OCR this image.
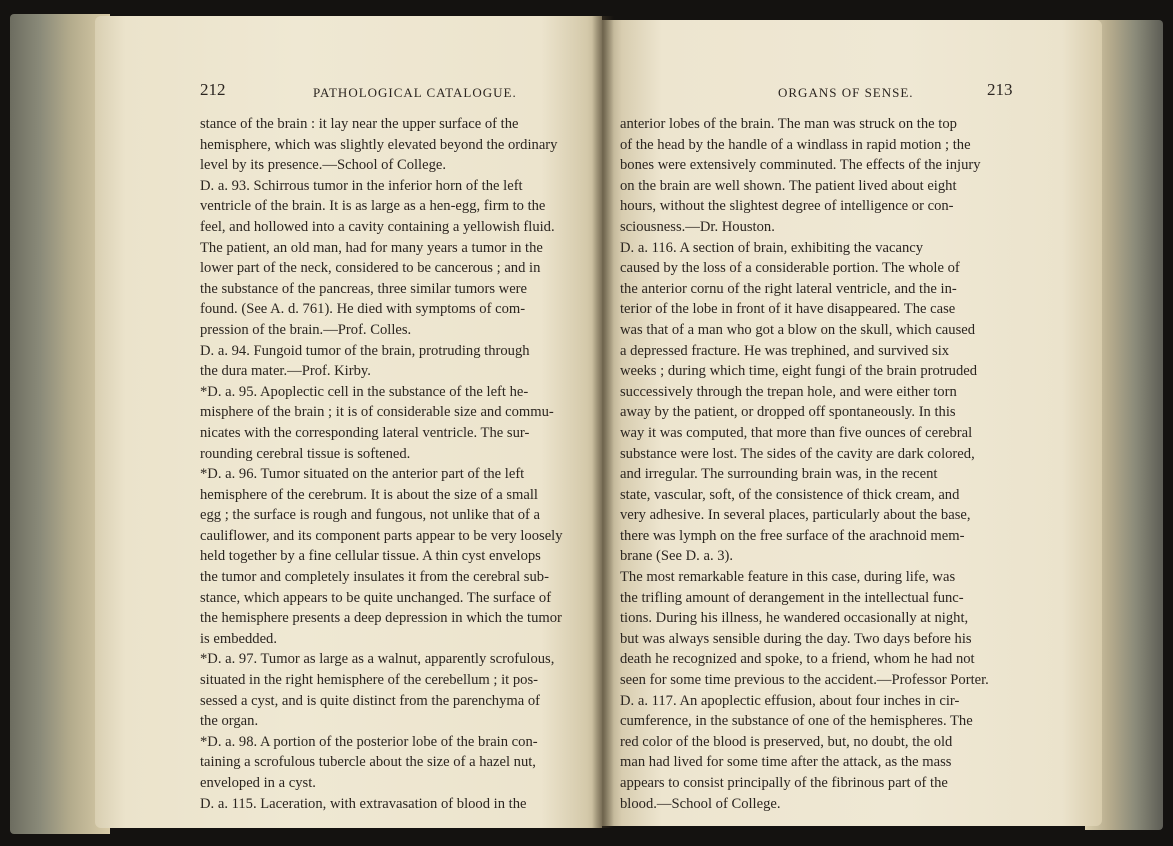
212	PATHOLOGICAL CATALOGUE.	ORGANS OF SENSE.	213
stance of the brain : it lay near the upper surface of the
hemisphere, which was slightly elevated beyond the ordinary
level by its presence.—School of College.
D. a. 93. Schirrous tumor in the inferior horn of the left
ventricle of the brain. It is as large as a hen-egg, firm to the
feel, and hollowed into a cavity containing a yellowish fluid.
The patient, an old man, had for many years a tumor in the
lower part of the neck, considered to be cancerous ; and in
the substance of the pancreas, three similar tumors were
found. (See A. d. 761). He died with symptoms of com-
pression of the brain.—Prof. Colles.
D. a. 94. Fungoid tumor of the brain, protruding through
the dura mater.—Prof. Kirby.
*D. a. 95. Apoplectic cell in the substance of the left he-
misphere of the brain ; it is of considerable size and commu-
nicates with the corresponding lateral ventricle. The sur-
rounding cerebral tissue is softened.
*D. a. 96. Tumor situated on the anterior part of the left
hemisphere of the cerebrum. It is about the size of a small
egg ; the surface is rough and fungous, not unlike that of a
cauliflower, and its component parts appear to be very loosely
held together by a fine cellular tissue. A thin cyst envelops
the tumor and completely insulates it from the cerebral sub-
stance, which appears to be quite unchanged. The surface of
the hemisphere presents a deep depression in which the tumor
is embedded.
*D. a. 97. Tumor as large as a walnut, apparently scrofulous,
situated in the right hemisphere of the cerebellum ; it pos-
sessed a cyst, and is quite distinct from the parenchyma of
the organ.
*D. a. 98. A portion of the posterior lobe of the brain con-
taining a scrofulous tubercle about the size of a hazel nut,
enveloped in a cyst.
D. a. 115. Laceration, with extravasation of blood in the
anterior lobes of the brain. The man was struck on the top
of the head by the handle of a windlass in rapid motion ; the
bones were extensively comminuted. The effects of the injury
on the brain are well shown. The patient lived about eight
hours, without the slightest degree of intelligence or con-
sciousness.—Dr. Houston.
D. a. 116. A section of brain, exhibiting the vacancy
caused by the loss of a considerable portion. The whole of
the anterior cornu of the right lateral ventricle, and the in-
terior of the lobe in front of it have disappeared. The case
was that of a man who got a blow on the skull, which caused
a depressed fracture. He was trephined, and survived six
weeks ; during which time, eight fungi of the brain protruded
successively through the trepan hole, and were either torn
away by the patient, or dropped off spontaneously. In this
way it was computed, that more than five ounces of cerebral
substance were lost. The sides of the cavity are dark colored,
and irregular. The surrounding brain was, in the recent
state, vascular, soft, of the consistence of thick cream, and
very adhesive. In several places, particularly about the base,
there was lymph on the free surface of the arachnoid mem-
brane (See D. a. 3).
The most remarkable feature in this case, during life, was
the trifling amount of derangement in the intellectual func-
tions. During his illness, he wandered occasionally at night,
but was always sensible during the day. Two days before his
death he recognized and spoke, to a friend, whom he had not
seen for some time previous to the accident.—Professor Porter.
D. a. 117. An apoplectic effusion, about four inches in cir-
cumference, in the substance of one of the hemispheres. The
red color of the blood is preserved, but, no doubt, the old
man had lived for some time after the attack, as the mass
appears to consist principally of the fibrinous part of the
blood.—School of College.
